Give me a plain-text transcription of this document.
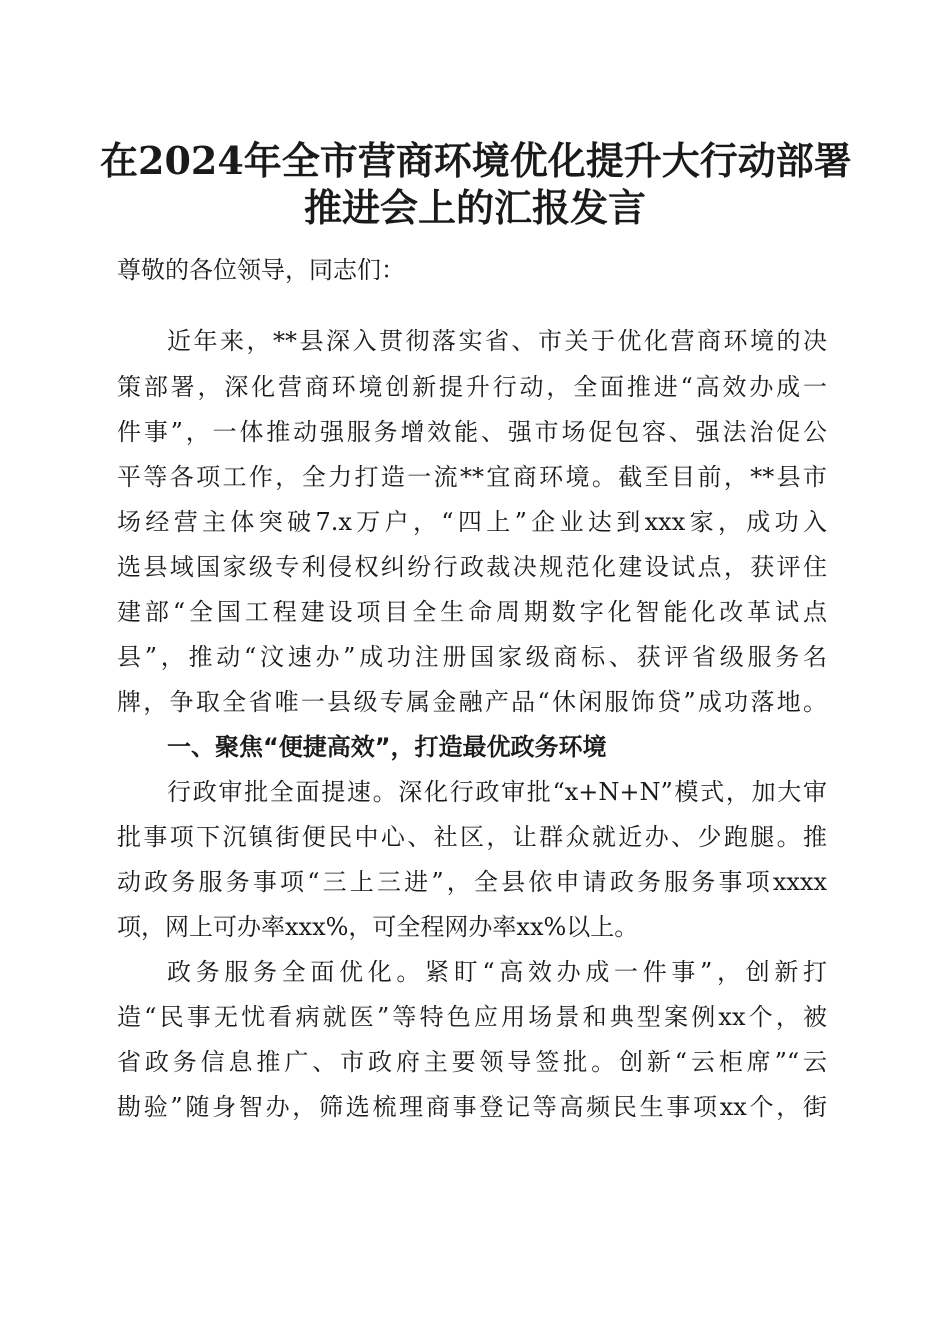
在2024年全市营商环境优化提升大行动部署
推进会上的汇报发言
尊敬的各位领导，同志们：
近年来，**县深入贯彻落实省、市关于优化营商环境的决
策部署，深化营商环境创新提升行动，全面推进“高效办成一
件事”，一体推动强服务增效能、强市场促包容、强法治促公
平等各项工作，全力打造一流**宜商环境。截至目前，**县市
场经营主体突破7.x万户，“四上”企业达到xxx家，成功入
选县域国家级专利侵权纠纷行政裁决规范化建设试点，获评住
建部“全国工程建设项目全生命周期数字化智能化改革试点
县”，推动“汶速办”成功注册国家级商标、获评省级服务名
牌，争取全省唯一县级专属金融产品“休闲服饰贷”成功落地。
一、聚焦“便捷高效”，打造最优政务环境
行政审批全面提速。深化行政审批“x+N+N”模式，加大审
批事项下沉镇街便民中心、社区，让群众就近办、少跑腿。推
动政务服务事项“三上三进”，全县依申请政务服务事项xxxx
项，网上可办率xxx%，可全程网办率xx%以上。
政务服务全面优化。紧盯“高效办成一件事”，创新打
造“民事无忧看病就医”等特色应用场景和典型案例xx个，被
省政务信息推广、市政府主要领导签批。创新“云柜席”“云
勘验”随身智办，筛选梳理商事登记等高频民生事项xx个，街
